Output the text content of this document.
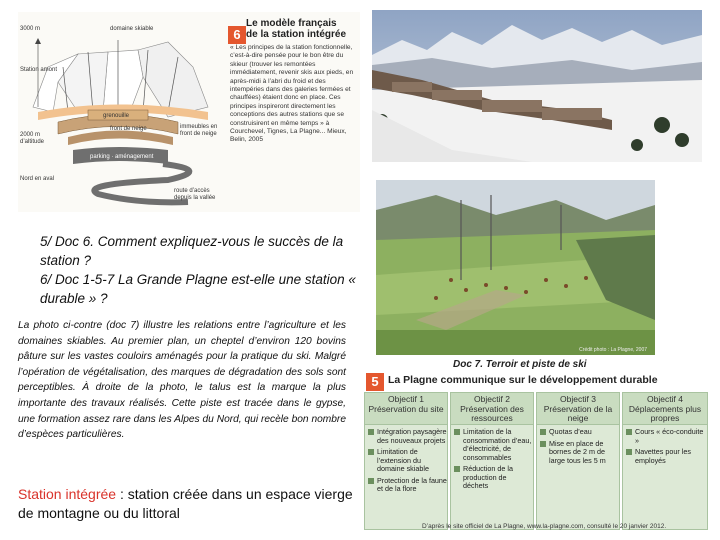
3000 m	domaine skiable
Station amont
grenouille
front de neige	immeubles en front de neige
2000 m d’altitude
parking · aménagement
Nord en aval
route d’accès depuis la vallée
6
Le modèle français
de la station intégrée
« Les principes de la station fonctionnelle, c’est-à-dire pensée pour le bon être du skieur (trouver les remontées immédiatement, revenir skis aux pieds, en après-midi à l’abri du froid et des intempéries dans des galeries fermées et chauffées) étaient donc en place. Ces principes inspireront directement les conceptions des autres stations que se construisirent en même temps » à Courchevel, Tignes, La Plagne... Mieux, Belin, 2005
Crédit photo : La Plagne, 2007

5/ Doc 6. Comment expliquez-vous le succès de la station ?

6/ Doc 1-5-7 La Grande Plagne est-elle une station « durable » ?

La photo ci-contre (doc 7) illustre les relations entre l’agriculture et les domaines skiables. Au premier plan, un cheptel d’environ 120 bovins pâture sur les vastes couloirs aménagés pour la pratique du ski. Malgré l’opération de végétalisation, des marques de dégradation des sols sont perceptibles. À droite de la photo, le talus est la marque la plus importante des travaux réalisés. Cette piste est tracée dans le gypse, une formation assez rare dans les Alpes du Nord, qui recèle bon nombre d’espèces particulières.
Station intégrée : station créée dans un espace vierge de montagne ou du littoral
Doc 7. Terroir et piste de ski
5 La Plagne communique sur le développement durable
Objectif 1
Préservation du site
Intégration paysagère des nouveaux projets
Limitation de l’extension du domaine skiable
Protection de la faune et de la flore
Objectif 2
Préservation des ressources
Limitation de la consommation d’eau, d’électricité, de consommables
Réduction de la production de déchets
Objectif 3
Préservation de la neige
Quotas d’eau
Mise en place de bornes de 2 m de large tous les 5 m
Objectif 4
Déplacements plus propres
Cours « éco-conduite »
Navettes pour les employés
D’après le site officiel de La Plagne, www.la-plagne.com, consulté le 20 janvier 2012.
